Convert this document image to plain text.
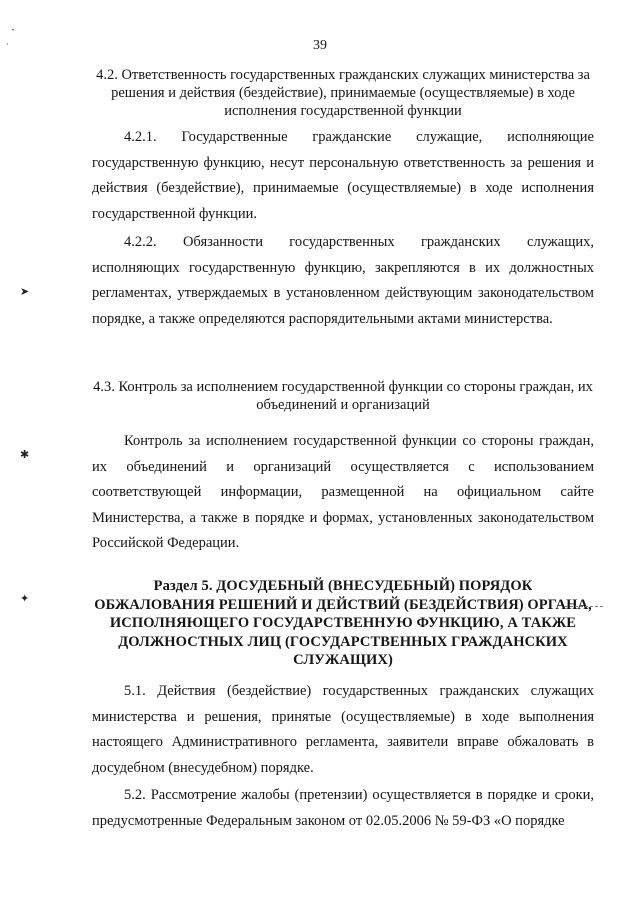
39
4.2. Ответственность государственных гражданских служащих министерства за решения и действия (бездействие), принимаемые (осуществляемые) в ходе исполнения государственной функции
4.2.1. Государственные гражданские служащие, исполняющие государственную функцию, несут персональную ответственность за решения и действия (бездействие), принимаемые (осуществляемые) в ходе исполнения государственной функции.
4.2.2. Обязанности государственных гражданских служащих, исполняющих государственную функцию, закрепляются в их должностных регламентах, утверждаемых в установленном действующим законодательством порядке, а также определяются распорядительными актами министерства.
4.3. Контроль за исполнением государственной функции со стороны граждан, их объединений и организаций
Контроль за исполнением государственной функции со стороны граждан, их объединений и организаций осуществляется с использованием соответствующей информации, размещенной на официальном сайте Министерства, а также в порядке и формах, установленных законодательством Российской Федерации.
Раздел 5. ДОСУДЕБНЫЙ (ВНЕСУДЕБНЫЙ) ПОРЯДОК ОБЖАЛОВАНИЯ РЕШЕНИЙ И ДЕЙСТВИЙ (БЕЗДЕЙСТВИЯ) ОРГАНА, ИСПОЛНЯЮЩЕГО ГОСУДАРСТВЕННУЮ ФУНКЦИЮ, А ТАКЖЕ ДОЛЖНОСТНЫХ ЛИЦ (ГОСУДАРСТВЕННЫХ ГРАЖДАНСКИХ СЛУЖАЩИХ)
5.1. Действия (бездействие) государственных гражданских служащих министерства и решения, принятые (осуществляемые) в ходе выполнения настоящего Административного регламента, заявители вправе обжаловать в досудебном (внесудебном) порядке.
5.2. Рассмотрение жалобы (претензии) осуществляется в порядке и сроки, предусмотренные Федеральным законом от 02.05.2006 № 59-ФЗ «О порядке
➤
✱
✦
·
•
